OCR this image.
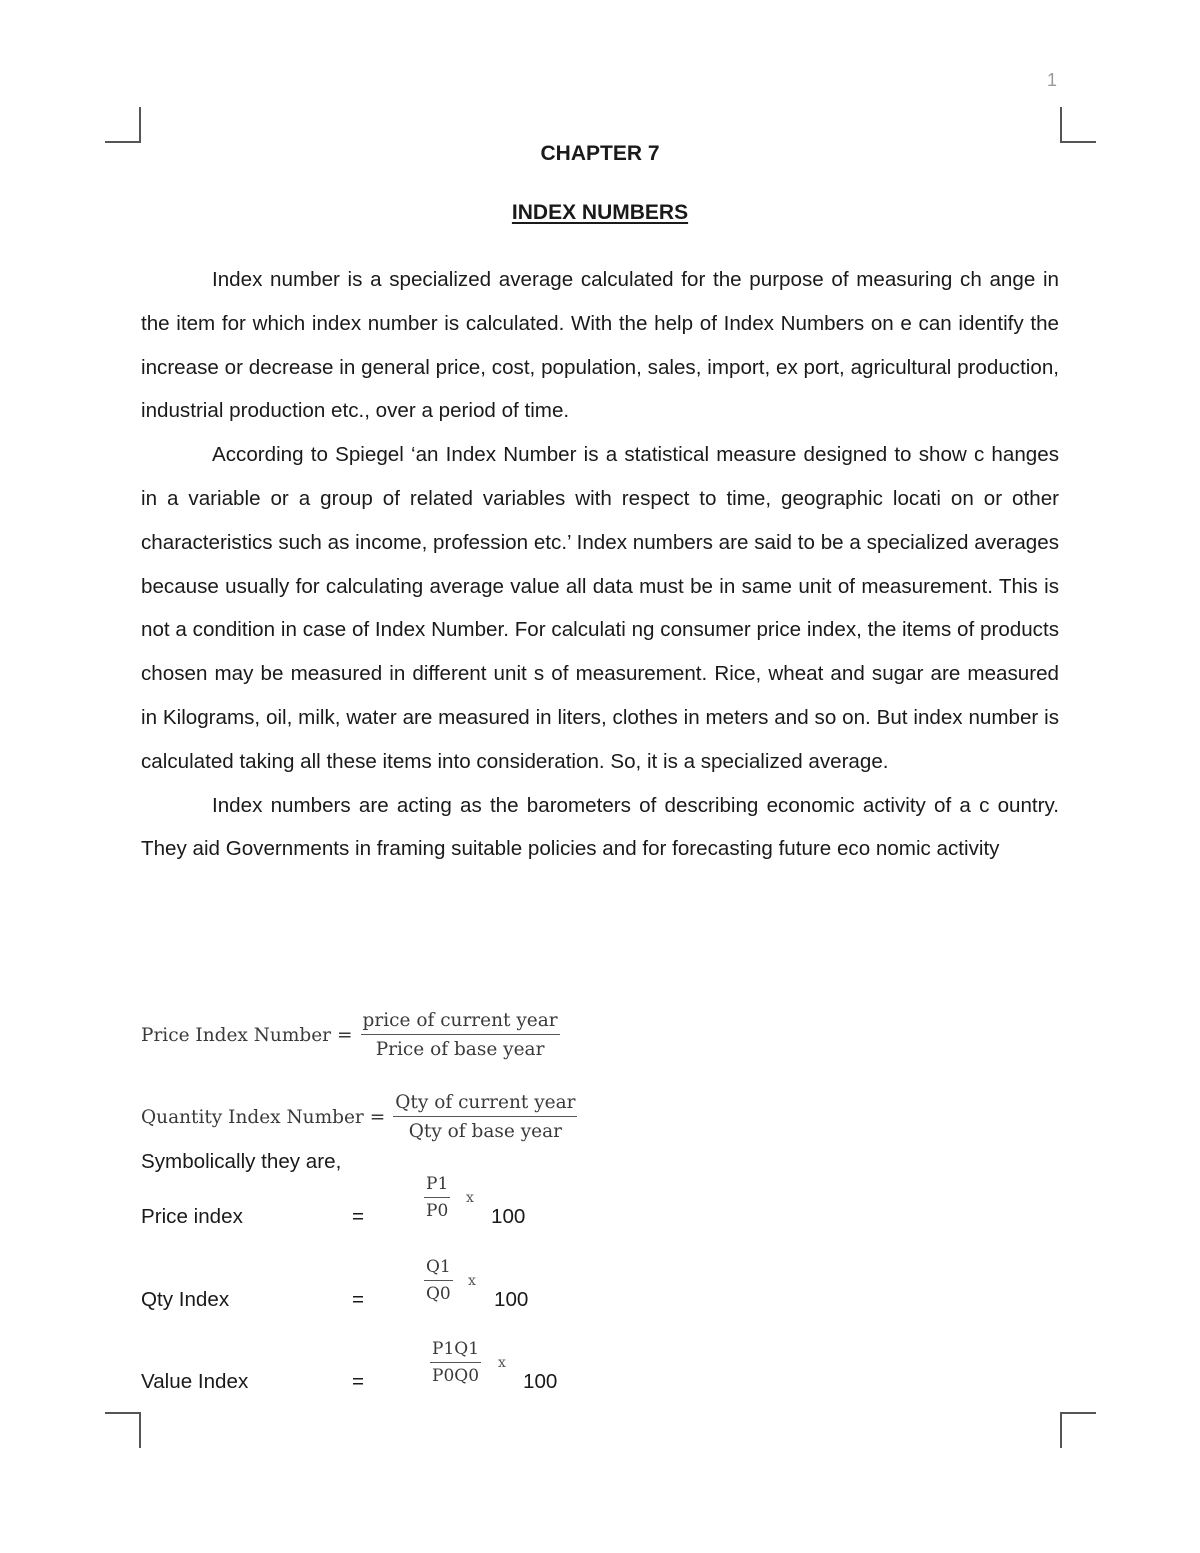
1
CHAPTER 7
INDEX NUMBERS

Index number is a specialized average calculated for the purpose of measuring ch ange in the item for which index number is calculated. With the help of Index Numbers on e can identify the increase or decrease in general price, cost, population, sales, import, ex port, agricultural production, industrial production etc., over a period of time.

According to Spiegel ‘an Index Number is a statistical measure designed to show c hanges in a variable or a group of related variables with respect to time, geographic locati on or other characteristics such as income, profession etc.’ Index numbers are said to be a specialized averages because usually for calculating average value all data must be in same unit of measurement. This is not a condition in case of Index Number. For calculati ng consumer price index, the items of products chosen may be measured in different unit s of measurement. Rice, wheat and sugar are measured in Kilograms, oil, milk, water are measured in liters, clothes in meters and so on. But index number is calculated taking all these items into consideration. So, it is a specialized average.

Index numbers are acting as the barometers of describing economic activity of a c ountry. They aid Governments in framing suitable policies and for forecasting future eco nomic activity

Price Index Number = $\frac{\text{price of current year}}{\text{Price of base year}}$
Quantity Index Number = $\frac{\text{Qty of current year}}{\text{Qty of base year}}$
Symbolically they are,
Price index	=	$\frac{P1}{P0}$ x
100
Qty Index	=	$\frac{Q1}{Q0}$ x
100
Value Index	=	$\frac{P1Q1}{P0Q0}$ x
100
